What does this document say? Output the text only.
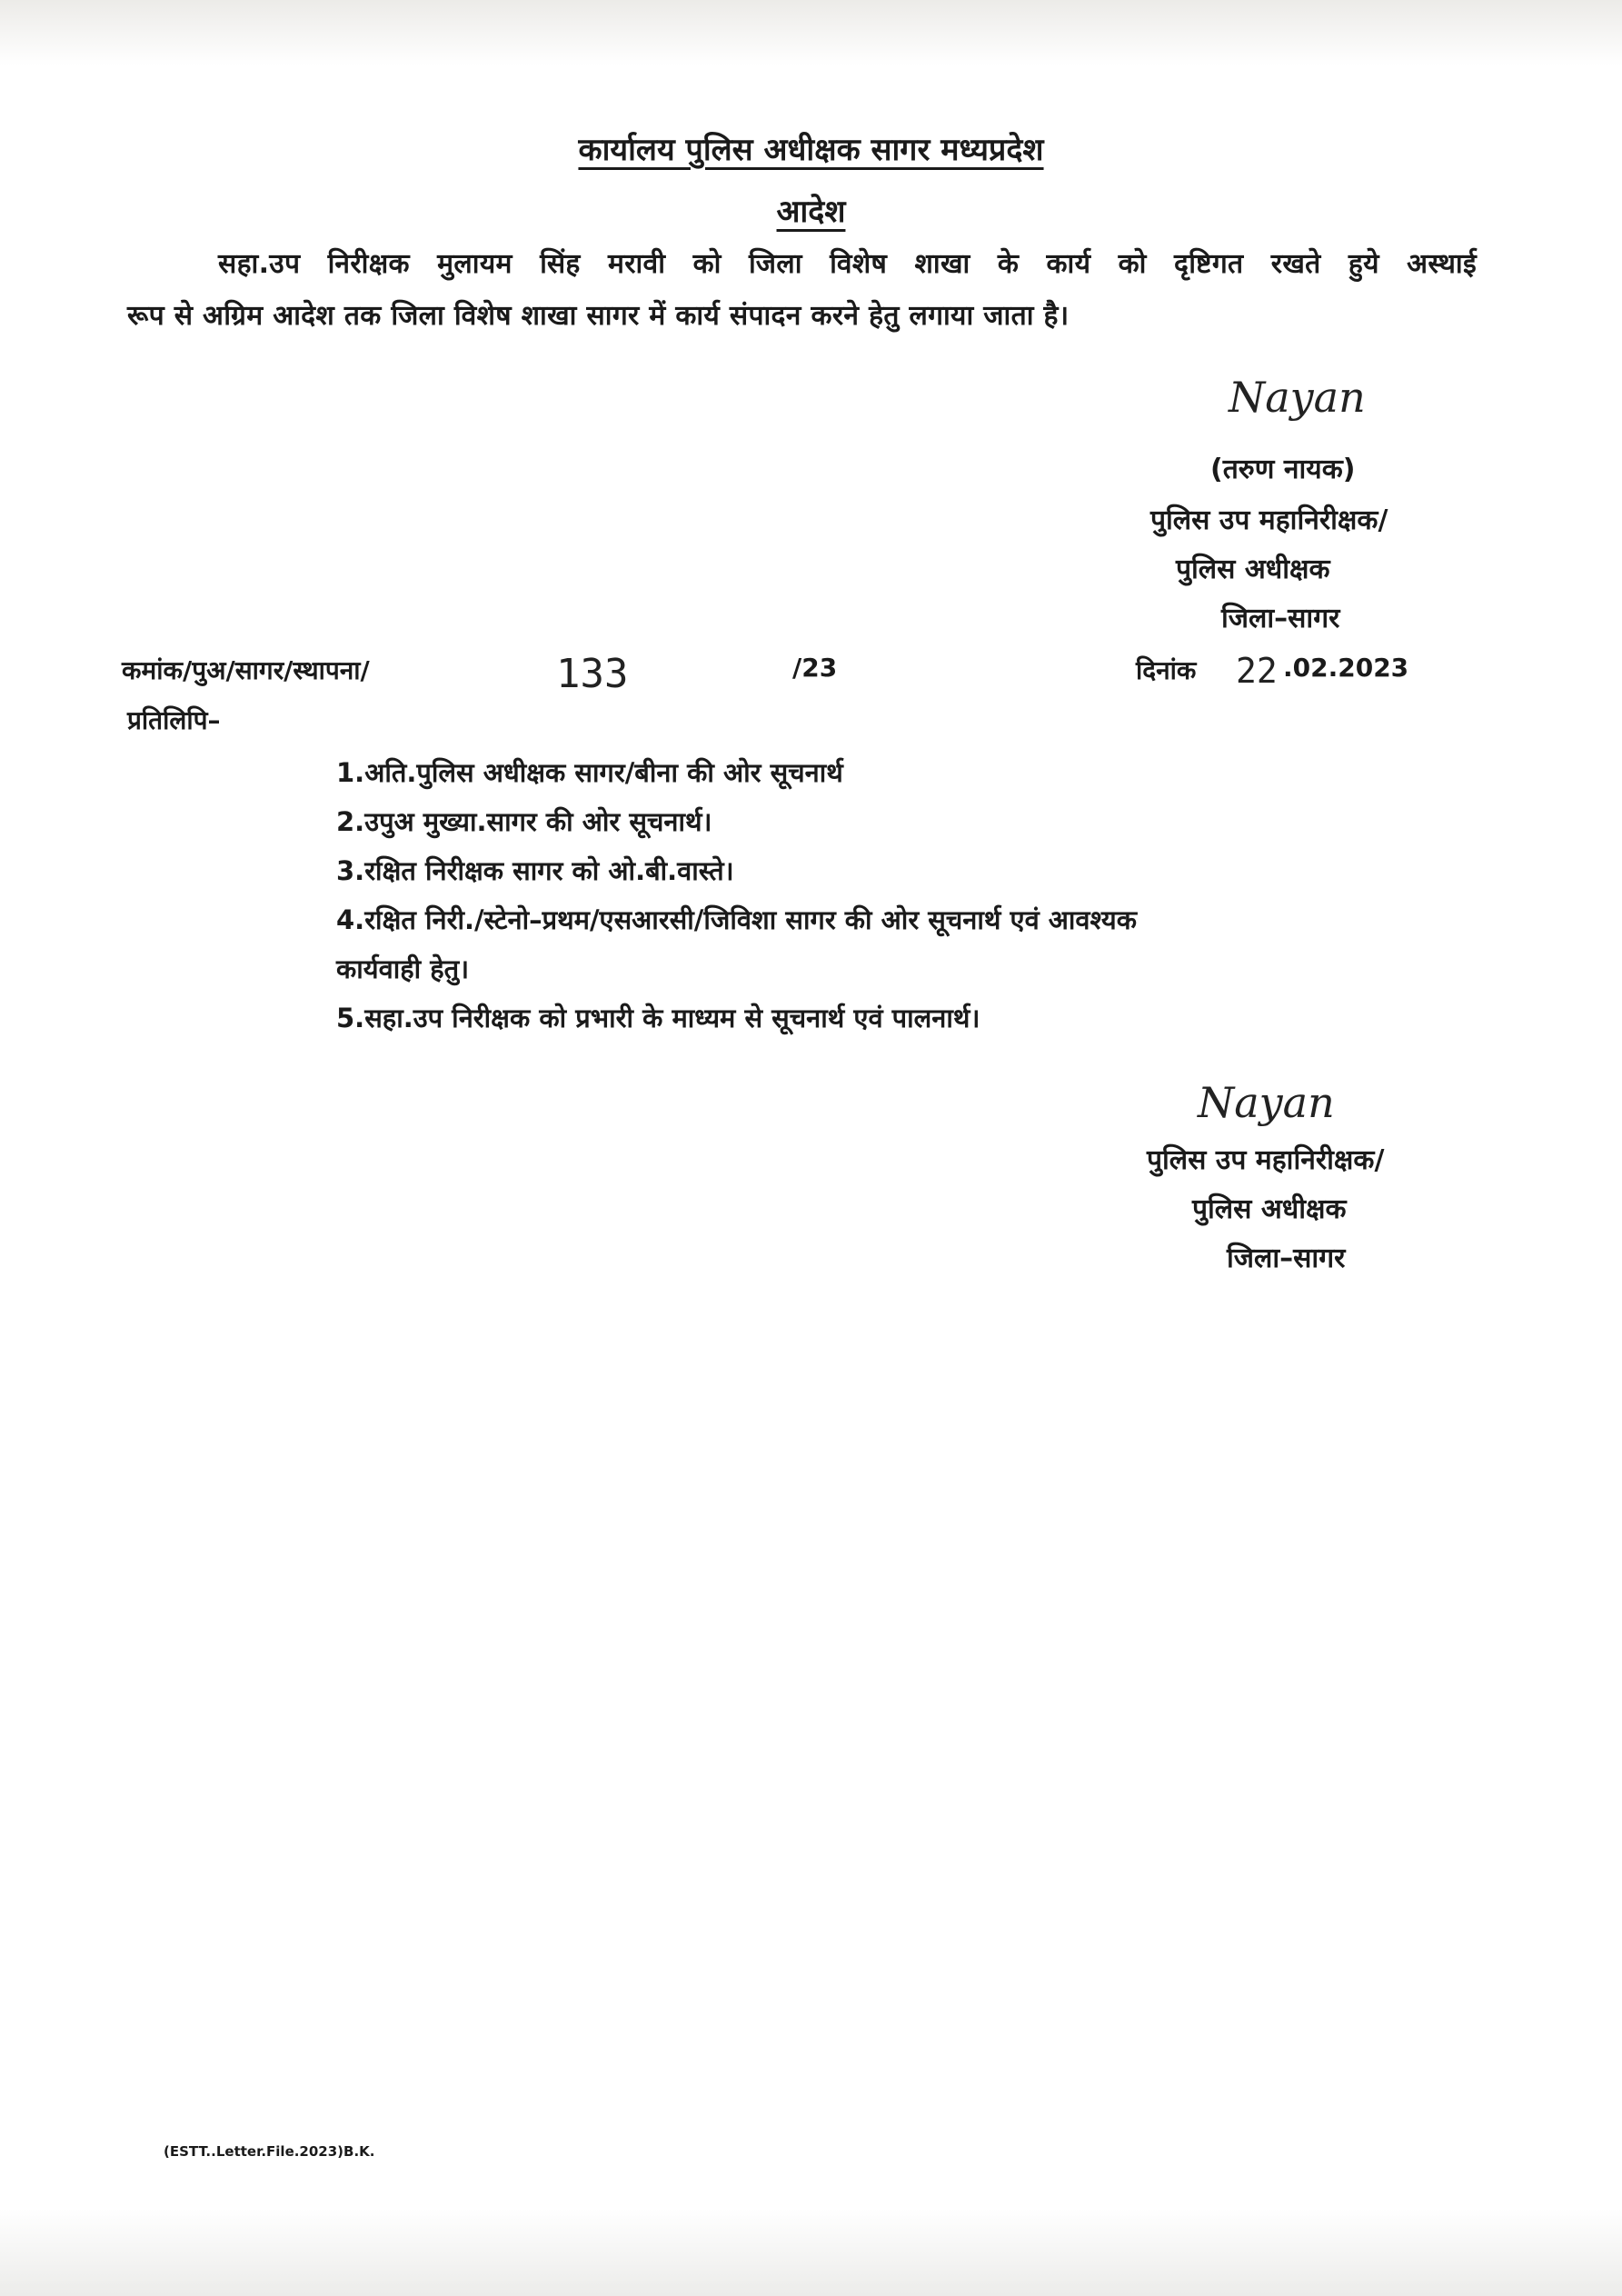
कार्यालय पुलिस अधीक्षक सागर मध्यप्रदेश
आदेश
सहा.उप निरीक्षक मुलायम सिंह मरावी को जिला विशेष शाखा के कार्य को दृष्टिगत रखते हुये अस्थाई
रूप से अग्रिम आदेश तक जिला विशेष शाखा सागर में कार्य संपादन करने हेतु लगाया जाता है।
Nayan
(तरुण नायक)
पुलिस उप महानिरीक्षक/
पुलिस अधीक्षक
जिला–सागर
कमांक/पुअ/सागर/स्थापना/	133	/23	दिनांक 22 .02.2023
प्रतिलिपि–
1.अति.पुलिस अधीक्षक सागर/बीना की ओर सूचनार्थ
2.उपुअ मुख्या.सागर की ओर सूचनार्थ।
3.रक्षित निरीक्षक सागर को ओ.बी.वास्ते।
4.रक्षित निरी./स्टेनो–प्रथम/एसआरसी/जिविशा सागर की ओर सूचनार्थ एवं आवश्यक
कार्यवाही हेतु।
5.सहा.उप निरीक्षक को प्रभारी के माध्यम से सूचनार्थ एवं पालनार्थ।
Nayan
पुलिस उप महानिरीक्षक/
पुलिस अधीक्षक
जिला–सागर
(ESTT..Letter.File.2023)B.K.
